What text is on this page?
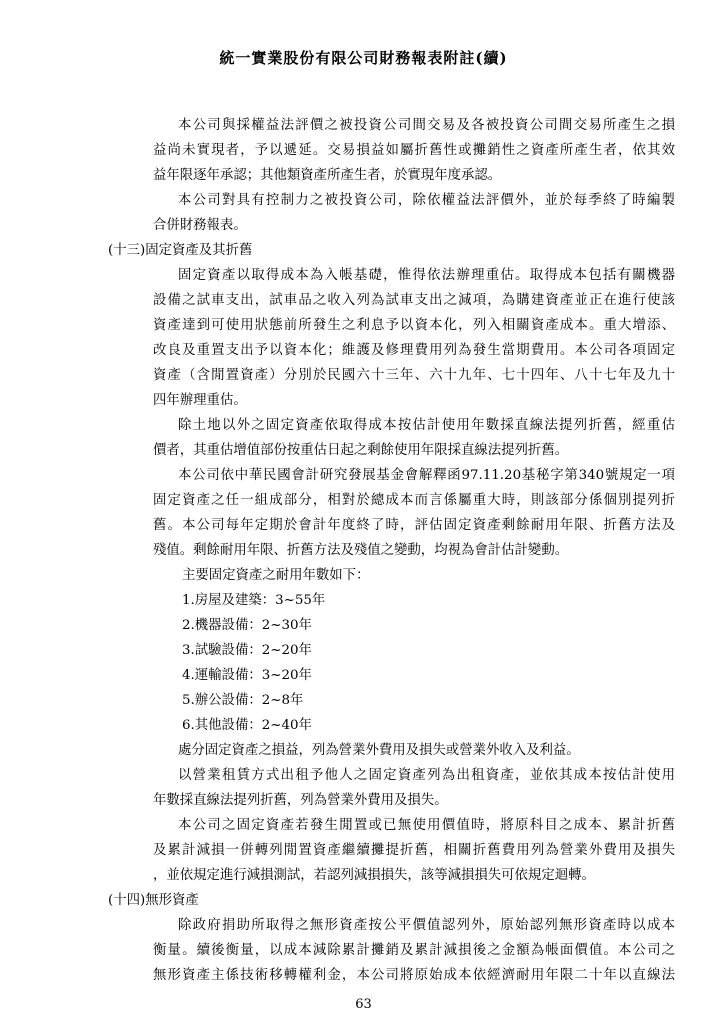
統一實業股份有限公司財務報表附註(續)
本公司與採權益法評價之被投資公司間交易及各被投資公司間交易所產生之損
益尚未實現者，予以遞延。交易損益如屬折舊性或攤銷性之資產所產生者，依其效
益年限逐年承認；其他類資產所產生者，於實現年度承認。
本公司對具有控制力之被投資公司，除依權益法評價外，並於每季終了時編製
合併財務報表。
(十三)固定資產及其折舊
固定資產以取得成本為入帳基礎，惟得依法辦理重估。取得成本包括有關機器
設備之試車支出，試車品之收入列為試車支出之減項，為購建資產並正在進行使該
資產達到可使用狀態前所發生之利息予以資本化，列入相關資產成本。重大增添、
改良及重置支出予以資本化；維護及修理費用列為發生當期費用。本公司各項固定
資產（含閒置資產）分別於民國六十三年、六十九年、七十四年、八十七年及九十
四年辦理重估。
除土地以外之固定資產依取得成本按估計使用年數採直線法提列折舊，經重估
價者，其重估增值部份按重估日起之剩餘使用年限採直線法提列折舊。
本公司依中華民國會計研究發展基金會解釋函97.11.20基秘字第340號規定一項
固定資產之任一組成部分，相對於總成本而言係屬重大時，則該部分係個別提列折
舊。本公司每年定期於會計年度終了時，評估固定資產剩餘耐用年限、折舊方法及
殘值。剩餘耐用年限、折舊方法及殘值之變動，均視為會計估計變動。
主要固定資產之耐用年數如下：
1.房屋及建築：3~55年
2.機器設備：2~30年
3.試驗設備：2~20年
4.運輸設備：3~20年
5.辦公設備：2~8年
6.其他設備：2~40年
處分固定資產之損益，列為營業外費用及損失或營業外收入及利益。
以營業租賃方式出租予他人之固定資產列為出租資產，並依其成本按估計使用
年數採直線法提列折舊，列為營業外費用及損失。
本公司之固定資產若發生閒置或已無使用價值時，將原科目之成本、累計折舊
及累計減損一併轉列閒置資產繼續攤提折舊，相關折舊費用列為營業外費用及損失
，並依規定進行減損測試，若認列減損損失，該等減損損失可依規定迴轉。
(十四)無形資產
除政府捐助所取得之無形資產按公平價值認列外，原始認列無形資產時以成本
衡量。續後衡量，以成本減除累計攤銷及累計減損後之金額為帳面價值。本公司之
無形資產主係技術移轉權利金，本公司將原始成本依經濟耐用年限二十年以直線法
63
